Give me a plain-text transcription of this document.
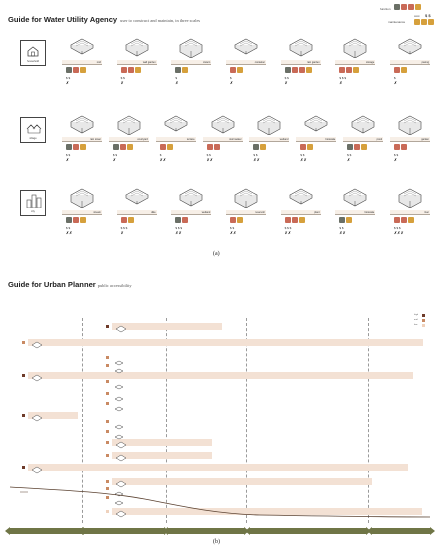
Guide for Water Utility Agency user to construct and maintain, in three scales
function
cost $ $
maintenance
household	roof
$ $
✗
wall garden
$ $
✗
cistern
$
✗
container
$
✗
rain garden
$ $
✗
storage
$ $ $
✗
paving
$
✗
village	rain tower
$ $
✗
courtyard
$ $
✗
terrace
$
✗✗
stormwater
$ $
✗✗
wetland
$ $
✗✗
bioswale
$ $
✗✗
pond
$ $
✗
garden
$ $
✗
city	stream
$ $
✗✗
dike
$ $ $
✗
wetland
$ $ $
✗✗
reservoir
$ $
✗✗
plant
$ $ $
✗✗
bioswale
$ $
✗✗
river
$ $ $
✗✗✗
(a)
Guide for Urban Planner public accessibility
high
mid
low
(b)
